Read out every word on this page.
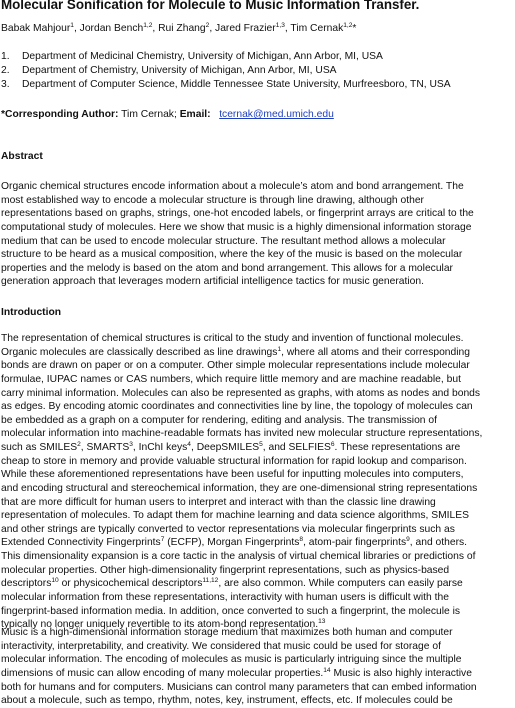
Molecular Sonification for Molecule to Music Information Transfer.
Babak Mahjour$^1$, Jordan Bench$^{1,2}$, Rui Zhang$^2$, Jared Frazier$^{1,3}$, Tim Cernak$^{1,2}$*
1. Department of Medicinal Chemistry, University of Michigan, Ann Arbor, MI, USA
2. Department of Chemistry, University of Michigan, Ann Arbor, MI, USA
3. Department of Computer Science, Middle Tennessee State University, Murfreesboro, TN, USA
*Corresponding Author: Tim Cernak; Email: tcernak@med.umich.edu
Abstract
Organic chemical structures encode information about a molecule’s atom and bond arrangement. The
most established way to encode a molecular structure is through line drawing, although other
representations based on graphs, strings, one-hot encoded labels, or fingerprint arrays are critical to the
computational study of molecules. Here we show that music is a highly dimensional information storage
medium that can be used to encode molecular structure. The resultant method allows a molecular
structure to be heard as a musical composition, where the key of the music is based on the molecular
properties and the melody is based on the atom and bond arrangement. This allows for a molecular
generation approach that leverages modern artificial intelligence tactics for music generation.
Introduction
The representation of chemical structures is critical to the study and invention of functional molecules.
Organic molecules are classically described as line drawings$^1$, where all atoms and their corresponding
bonds are drawn on paper or on a computer. Other simple molecular representations include molecular
formulae, IUPAC names or CAS numbers, which require little memory and are machine readable, but
carry minimal information. Molecules can also be represented as graphs, with atoms as nodes and bonds
as edges. By encoding atomic coordinates and connectivities line by line, the topology of molecules can
be embedded as a graph on a computer for rendering, editing and analysis. The transmission of
molecular information into machine-readable formats has invited new molecular structure representations,
such as SMILES$^2$, SMARTS$^3$, InChI keys$^4$, DeepSMILES$^5$, and SELFIES$^6$. These representations are
cheap to store in memory and provide valuable structural information for rapid lookup and comparison.
While these aforementioned representations have been useful for inputting molecules into computers,
and encoding structural and stereochemical information, they are one-dimensional string representations
that are more difficult for human users to interpret and interact with than the classic line drawing
representation of molecules. To adapt them for machine learning and data science algorithms, SMILES
and other strings are typically converted to vector representations via molecular fingerprints such as
Extended Connectivity Fingerprints$^7$ (ECFP), Morgan Fingerprints$^8$, atom-pair fingerprints$^9$, and others.
This dimensionality expansion is a core tactic in the analysis of virtual chemical libraries or predictions of
molecular properties. Other high-dimensionality fingerprint representations, such as physics-based
descriptors$^{10}$ or physicochemical descriptors$^{11,12}$, are also common. While computers can easily parse
molecular information from these representations, interactivity with human users is difficult with the
fingerprint-based information media. In addition, once converted to such a fingerprint, the molecule is
typically no longer uniquely revertible to its atom-bond representation.$^{13}$
Music is a high-dimensional information storage medium that maximizes both human and computer
interactivity, interpretability, and creativity. We considered that music could be used for storage of
molecular information. The encoding of molecules as music is particularly intriguing since the multiple
dimensions of music can allow encoding of many molecular properties.$^{14}$ Music is also highly interactive
both for humans and for computers. Musicians can control many parameters that can embed information
about a molecule, such as tempo, rhythm, notes, key, instrument, effects, etc. If molecules could be
